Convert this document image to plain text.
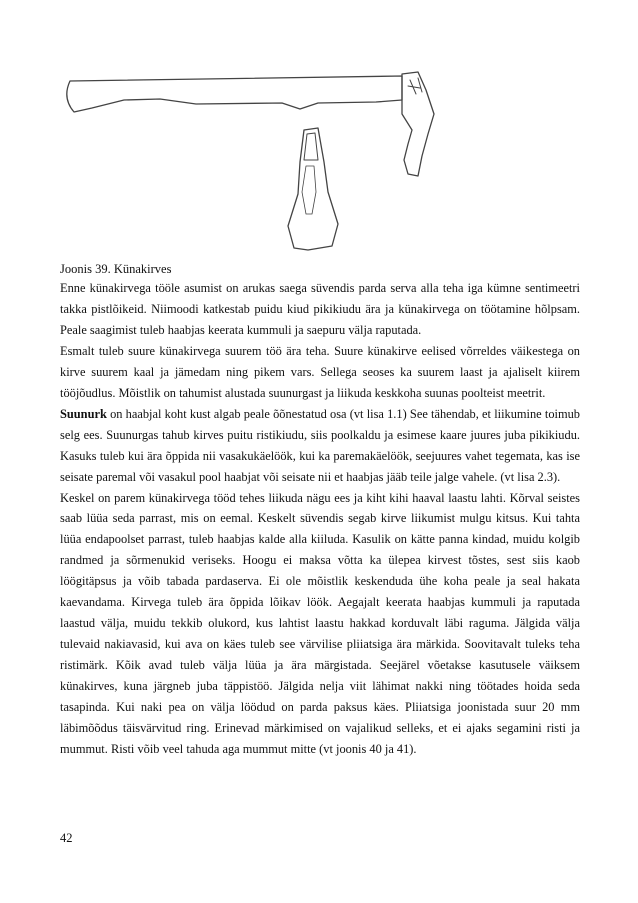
Joonis 39. Künakirves

Enne künakirvega tööle asumist on arukas saega süvendis parda serva alla teha iga kümne sentimeetri takka pistlõikeid. Niimoodi katkestab puidu kiud pikikiudu ära ja künakirvega on töötamine hõlpsam. Peale saagimist tuleb haabjas keerata kummuli ja saepuru välja raputada.

Esmalt tuleb suure künakirvega suurem töö ära teha. Suure künakirve eelised võrreldes väikestega on kirve suurem kaal ja jämedam ning pikem vars. Sellega seoses ka suurem laast ja ajaliselt kiirem tööjõudlus. Mõistlik on tahumist alustada suunurgast ja liikuda keskkoha suunas poolteist meetrit.

Suunurk on haabjal koht kust algab peale õõnestatud osa (vt lisa 1.1) See tähendab, et liikumine toimub selg ees. Suunurgas tahub kirves puitu ristikiudu, siis poolkaldu ja esimese kaare juures juba pikikiudu. Kasuks tuleb kui ära õppida nii vasakukäelöök, kui ka paremakäelöök, seejuures vahet tegemata, kas ise seisate paremal või vasakul pool haabjat või seisate nii et haabjas jääb teile jalge vahele. (vt lisa 2.3).

Keskel on parem künakirvega tööd tehes liikuda nägu ees ja kiht kihi haaval laastu lahti. Kõrval seistes saab lüüa seda parrast, mis on eemal. Keskelt süvendis segab kirve liikumist mulgu kitsus. Kui tahta lüüa endapoolset parrast, tuleb haabjas kalde alla kiiluda. Kasulik on kätte panna kindad, muidu kolgib randmed ja sõrmenukid veriseks. Hoogu ei maksa võtta ka ülepea kirvest tõstes, sest siis kaob löögitäpsus ja võib tabada pardaserva. Ei ole mõistlik keskenduda ühe koha peale ja seal hakata kaevandama. Kirvega tuleb ära õppida lõikav löök. Aegajalt keerata haabjas kummuli ja raputada laastud välja, muidu tekkib olukord, kus lahtist laastu hakkad korduvalt läbi raguma. Jälgida välja tulevaid nakiavasid, kui ava on käes tuleb see värvilise pliiatsiga ära märkida. Soovitavalt tuleks teha ristimärk. Kõik avad tuleb välja lüüa ja ära märgistada. Seejärel võetakse kasutusele väiksem künakirves, kuna järgneb juba täppistöö. Jälgida nelja viit lähimat nakki ning töötades hoida seda tasapinda. Kui naki pea on välja löödud on parda paksus käes. Pliiatsiga joonistada suur 20 mm läbimõõdus täisvärvitud ring. Erinevad märkimised on vajalikud selleks, et ei ajaks segamini risti ja mummut. Risti võib veel tahuda aga mummut mitte (vt joonis 40 ja 41).

42
